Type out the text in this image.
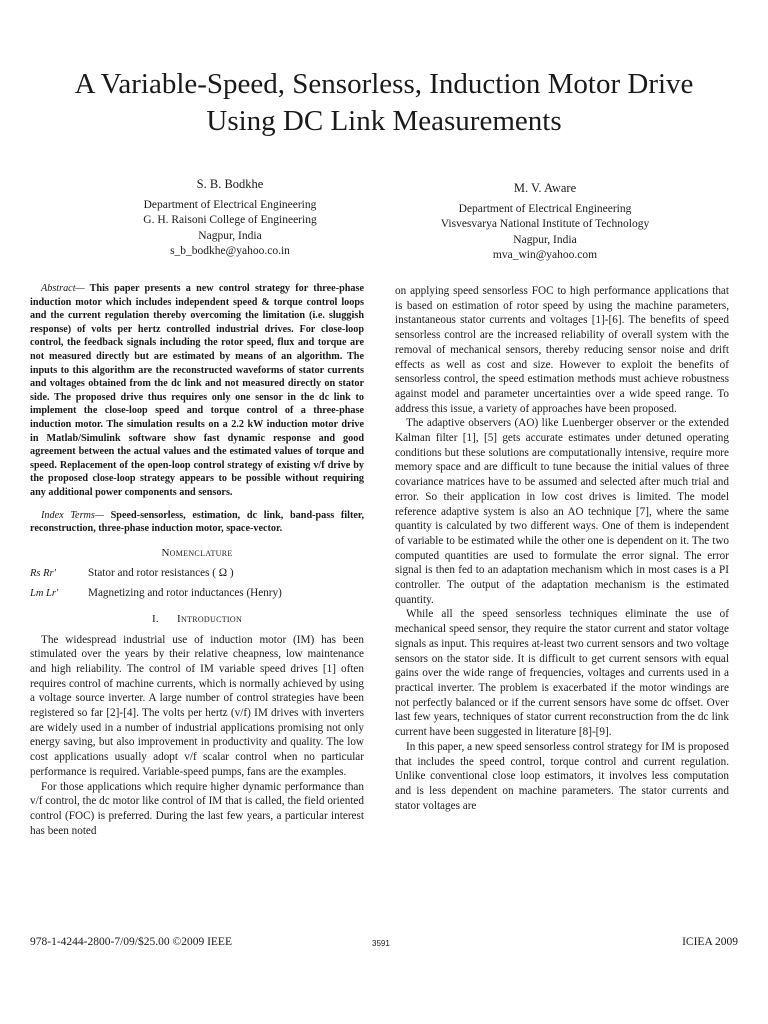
A Variable-Speed, Sensorless, Induction Motor Drive
Using DC Link Measurements
S. B. Bodkhe
Department of Electrical Engineering
G. H. Raisoni College of Engineering
Nagpur, India
s_b_bodkhe@yahoo.co.in
M. V. Aware
Department of Electrical Engineering
Visvesvarya National Institute of Technology
Nagpur, India
mva_win@yahoo.com

Abstract— This paper presents a new control strategy for three-phase induction motor which includes independent speed & torque control loops and the current regulation thereby overcoming the limitation (i.e. sluggish response) of volts per hertz controlled industrial drives. For close-loop control, the feedback signals including the rotor speed, flux and torque are not measured directly but are estimated by means of an algorithm. The inputs to this algorithm are the reconstructed waveforms of stator currents and voltages obtained from the dc link and not measured directly on stator side. The proposed drive thus requires only one sensor in the dc link to implement the close-loop speed and torque control of a three-phase induction motor. The simulation results on a 2.2 kW induction motor drive in Matlab/Simulink software show fast dynamic response and good agreement between the actual values and the estimated values of torque and speed. Replacement of the open-loop control strategy of existing v/f drive by the proposed close-loop strategy appears to be possible without requiring any additional power components and sensors.

Index Terms— Speed-sensorless, estimation, dc link, band-pass filter, reconstruction, three-phase induction motor, space-vector.

Nomenclature

Rs Rr'	Stator and rotor resistances ( Ω )
Lm Lr'	Magnetizing and rotor inductances (Henry)

I. Introduction

The widespread industrial use of induction motor (IM) has been stimulated over the years by their relative cheapness, low maintenance and high reliability. The control of IM variable speed drives [1] often requires control of machine currents, which is normally achieved by using a voltage source inverter. A large number of control strategies have been registered so far [2]-[4]. The volts per hertz (v/f) IM drives with inverters are widely used in a number of industrial applications promising not only energy saving, but also improvement in productivity and quality. The low cost applications usually adopt v/f scalar control when no particular performance is required. Variable-speed pumps, fans are the examples.

For those applications which require higher dynamic performance than v/f control, the dc motor like control of IM that is called, the field oriented control (FOC) is preferred. During the last few years, a particular interest has been noted

on applying speed sensorless FOC to high performance applications that is based on estimation of rotor speed by using the machine parameters, instantaneous stator currents and voltages [1]-[6]. The benefits of speed sensorless control are the increased reliability of overall system with the removal of mechanical sensors, thereby reducing sensor noise and drift effects as well as cost and size. However to exploit the benefits of sensorless control, the speed estimation methods must achieve robustness against model and parameter uncertainties over a wide speed range. To address this issue, a variety of approaches have been proposed.

The adaptive observers (AO) like Luenberger observer or the extended Kalman filter [1], [5] gets accurate estimates under detuned operating conditions but these solutions are computationally intensive, require more memory space and are difficult to tune because the initial values of three covariance matrices have to be assumed and selected after much trial and error. So their application in low cost drives is limited. The model reference adaptive system is also an AO technique [7], where the same quantity is calculated by two different ways. One of them is independent of variable to be estimated while the other one is dependent on it. The two computed quantities are used to formulate the error signal. The error signal is then fed to an adaptation mechanism which in most cases is a PI controller. The output of the adaptation mechanism is the estimated quantity.

While all the speed sensorless techniques eliminate the use of mechanical speed sensor, they require the stator current and stator voltage signals as input. This requires at-least two current sensors and two voltage sensors on the stator side. It is difficult to get current sensors with equal gains over the wide range of frequencies, voltages and currents used in a practical inverter. The problem is exacerbated if the motor windings are not perfectly balanced or if the current sensors have some dc offset. Over last few years, techniques of stator current reconstruction from the dc link current have been suggested in literature [8]-[9].

In this paper, a new speed sensorless control strategy for IM is proposed that includes the speed control, torque control and current regulation. Unlike conventional close loop estimators, it involves less computation and is less dependent on machine parameters. The stator currents and stator voltages are

978-1-4244-2800-7/09/$25.00 ©2009 IEEE	3591	ICIEA 2009
